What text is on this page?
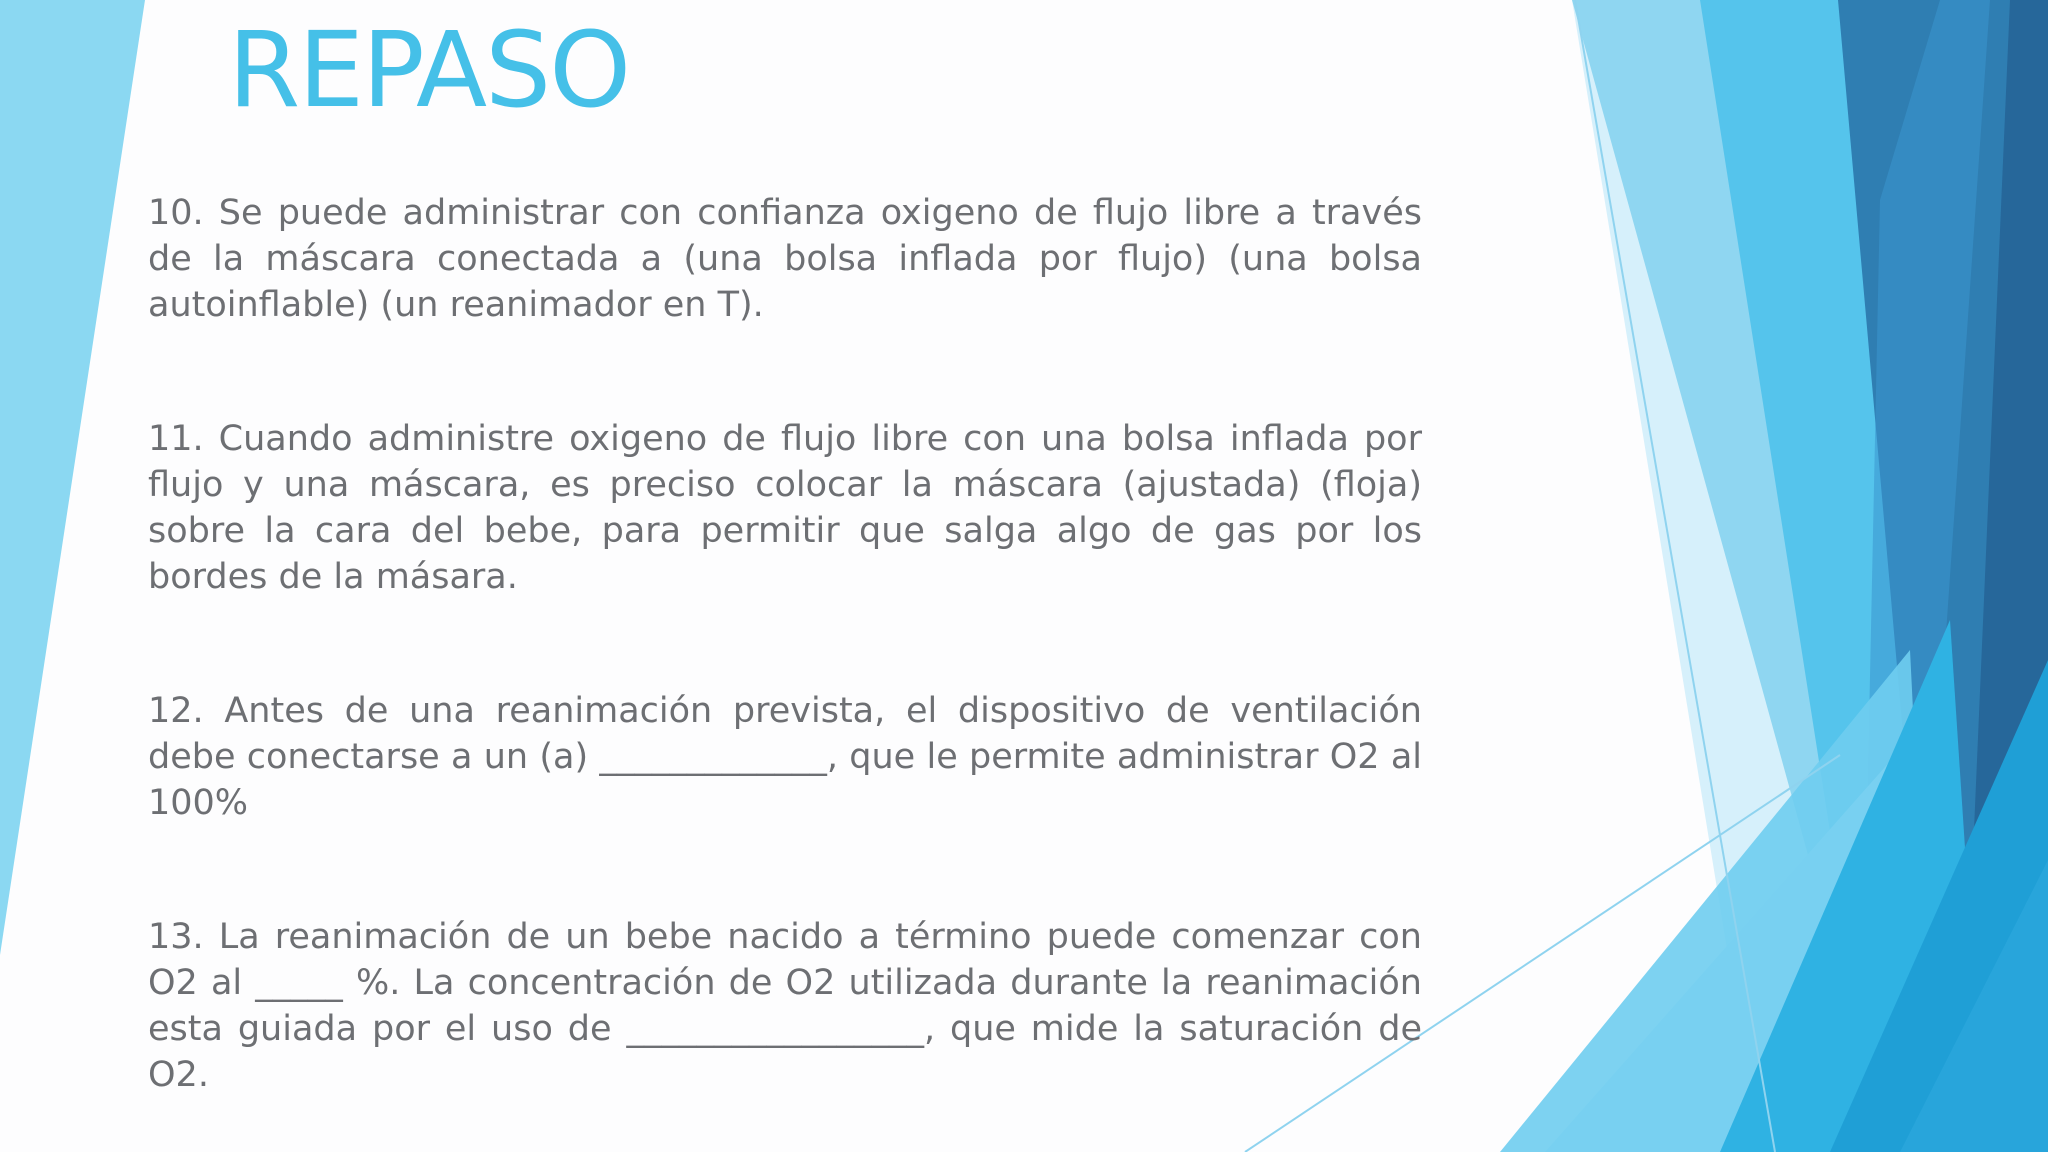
REPASO

10. Se puede administrar con confianza oxigeno de flujo libre a través de la máscara conectada a (una bolsa inflada por flujo) (una bolsa autoinflable) (un reanimador en T).

11. Cuando administre oxigeno de flujo libre con una bolsa inflada por flujo y una máscara, es preciso colocar la máscara (ajustada) (floja) sobre la cara del bebe, para permitir que salga algo de gas por los bordes de la másara.

12. Antes de una reanimación prevista, el dispositivo de ventilación debe conectarse a un (a) _____________, que le permite administrar O2 al 100%

13. La reanimación de un bebe nacido a término puede comenzar con O2 al _____ %. La concentración de O2 utilizada durante la reanimación esta guiada por el uso de _________________, que mide la saturación de O2.
